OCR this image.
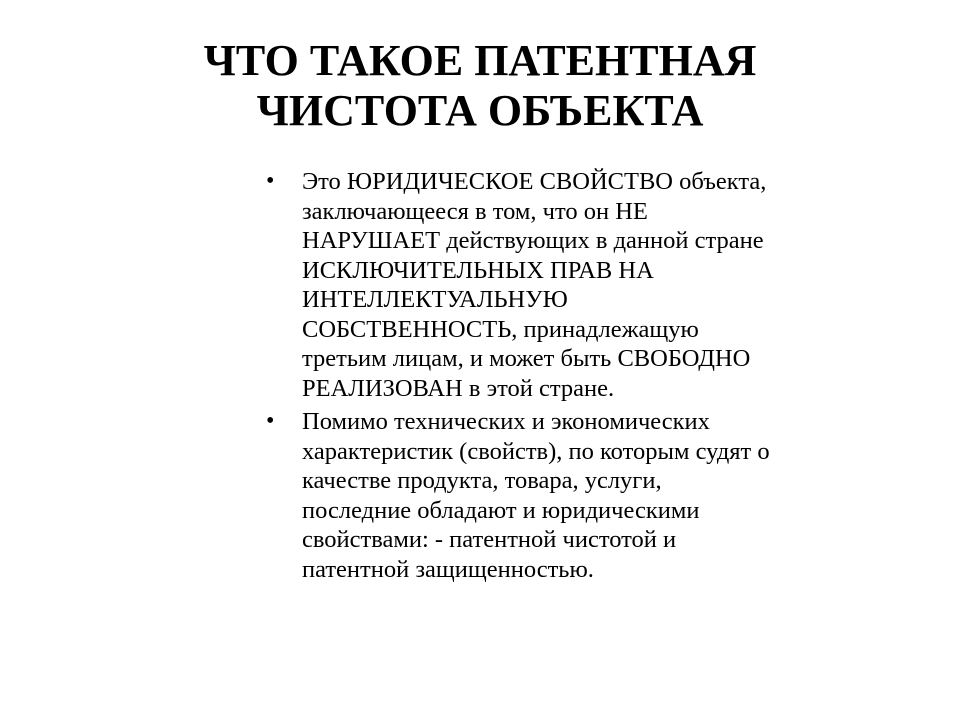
ЧТО ТАКОЕ ПАТЕНТНАЯ
ЧИСТОТА ОБЪЕКТА
• Это ЮРИДИЧЕСКОЕ СВОЙСТВО объекта,
заключающееся в том, что он НЕ
НАРУШАЕТ действующих в данной стране
ИСКЛЮЧИТЕЛЬНЫХ ПРАВ НА
ИНТЕЛЛЕКТУАЛЬНУЮ
СОБСТВЕННОСТЬ, принадлежащую
третьим лицам, и может быть СВОБОДНО
РЕАЛИЗОВАН в этой стране.
• Помимо технических и экономических
характеристик (свойств), по которым судят о
качестве продукта, товара, услуги,
последние обладают и юридическими
свойствами: - патентной чистотой и
патентной защищенностью.
